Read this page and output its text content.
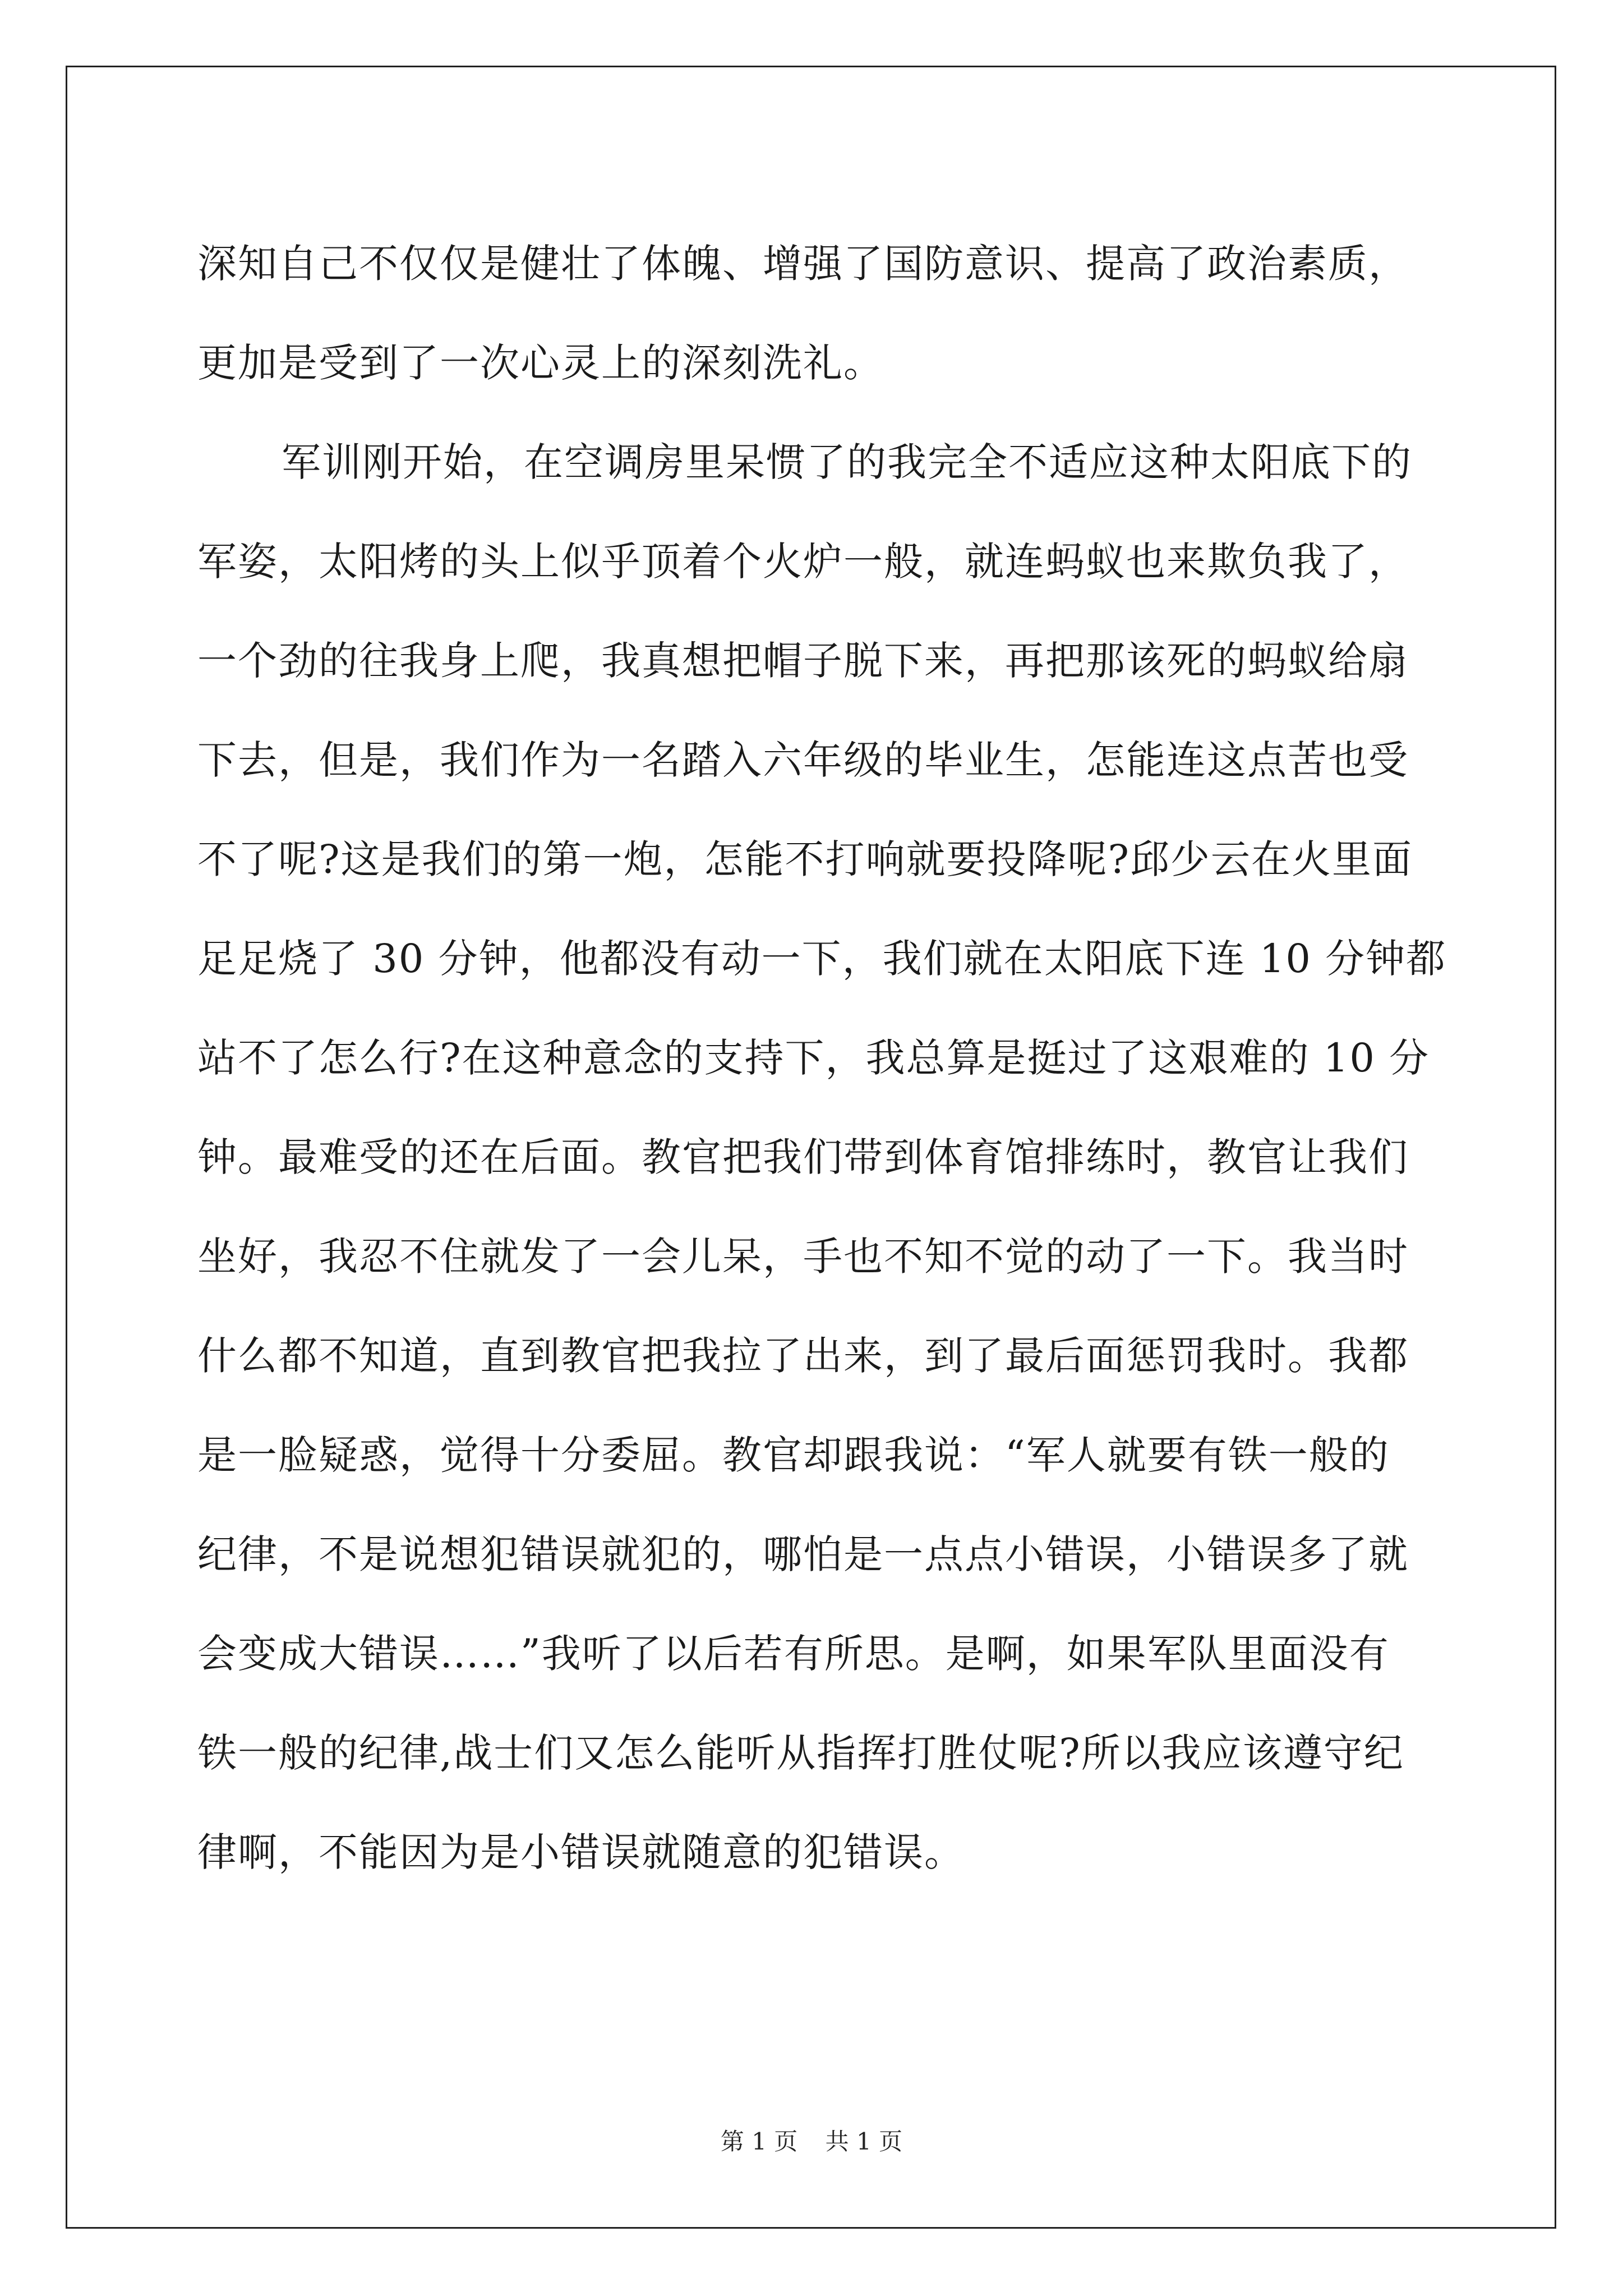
深知自己不仅仅是健壮了体魄、增强了国防意识、提高了政治素质，
更加是受到了一次心灵上的深刻洗礼。
军训刚开始，在空调房里呆惯了的我完全不适应这种太阳底下的
军姿，太阳烤的头上似乎顶着个火炉一般，就连蚂蚁也来欺负我了，
一个劲的往我身上爬，我真想把帽子脱下来，再把那该死的蚂蚁给扇
下去，但是，我们作为一名踏入六年级的毕业生，怎能连这点苦也受
不了呢?这是我们的第一炮，怎能不打响就要投降呢?邱少云在火里面
足足烧了 30 分钟，他都没有动一下，我们就在太阳底下连 10 分钟都
站不了怎么行?在这种意念的支持下，我总算是挺过了这艰难的 10 分
钟。最难受的还在后面。教官把我们带到体育馆排练时，教官让我们
坐好，我忍不住就发了一会儿呆，手也不知不觉的动了一下。我当时
什么都不知道，直到教官把我拉了出来，到了最后面惩罚我时。我都
是一脸疑惑，觉得十分委屈。教官却跟我说：“军人就要有铁一般的
纪律，不是说想犯错误就犯的，哪怕是一点点小错误，小错误多了就
会变成大错误……”我听了以后若有所思。是啊，如果军队里面没有
铁一般的纪律,战士们又怎么能听从指挥打胜仗呢?所以我应该遵守纪
律啊，不能因为是小错误就随意的犯错误。
第 1 页 共 1 页
